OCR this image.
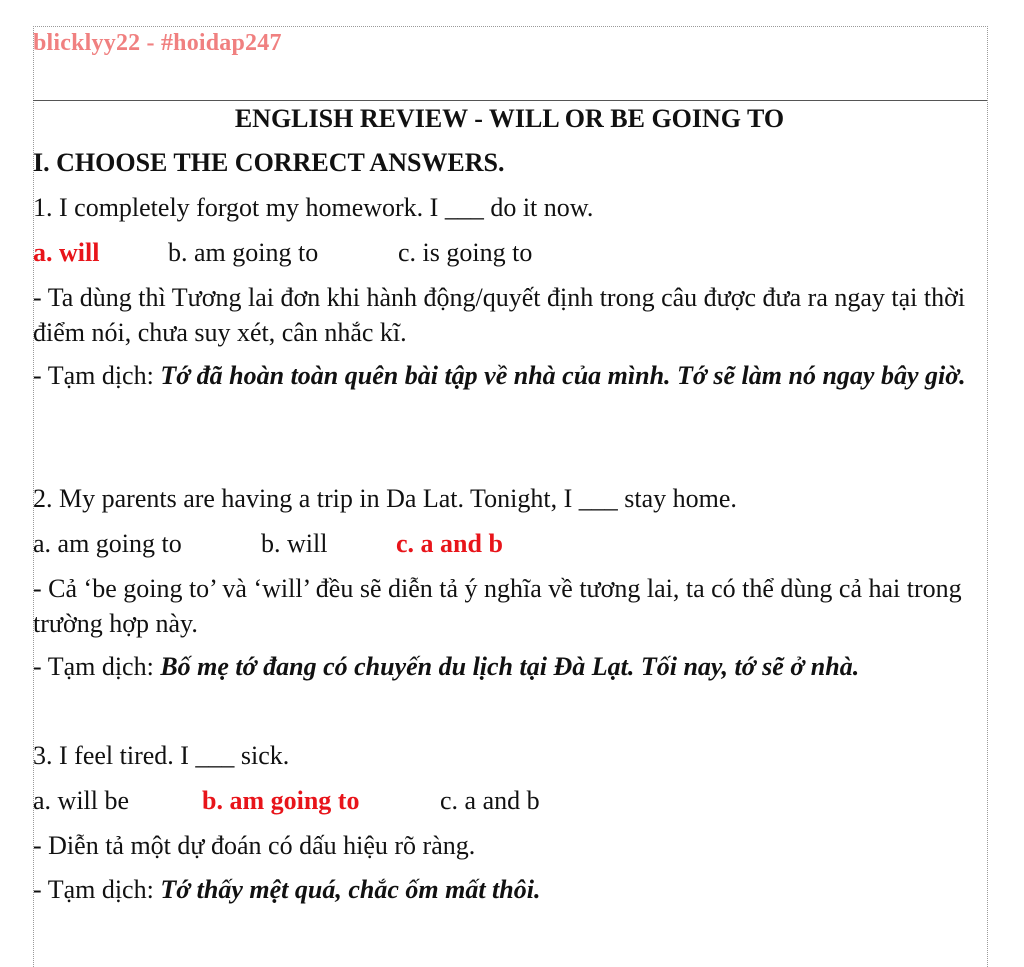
blicklyy22 - #hoidap247
ENGLISH REVIEW - WILL OR BE GOING TO
I. CHOOSE THE CORRECT ANSWERS.
1. I completely forgot my homework. I ___ do it now.
a. will	b. am going to	c. is going to
- Ta dùng thì Tương lai đơn khi hành động/quyết định trong câu được đưa ra ngay tại thời điểm nói, chưa suy xét, cân nhắc kĩ.
- Tạm dịch: Tớ đã hoàn toàn quên bài tập về nhà của mình. Tớ sẽ làm nó ngay bây giờ.
2. My parents are having a trip in Da Lat. Tonight, I ___ stay home.
a. am going to	b. will	c. a and b
- Cả ‘be going to’ và ‘will’ đều sẽ diễn tả ý nghĩa về tương lai, ta có thể dùng cả hai trong trường hợp này.
- Tạm dịch: Bố mẹ tớ đang có chuyến du lịch tại Đà Lạt. Tối nay, tớ sẽ ở nhà.
3. I feel tired. I ___ sick.
a. will be	b. am going to	c. a and b
- Diễn tả một dự đoán có dấu hiệu rõ ràng.
- Tạm dịch: Tớ thấy mệt quá, chắc ốm mất thôi.
